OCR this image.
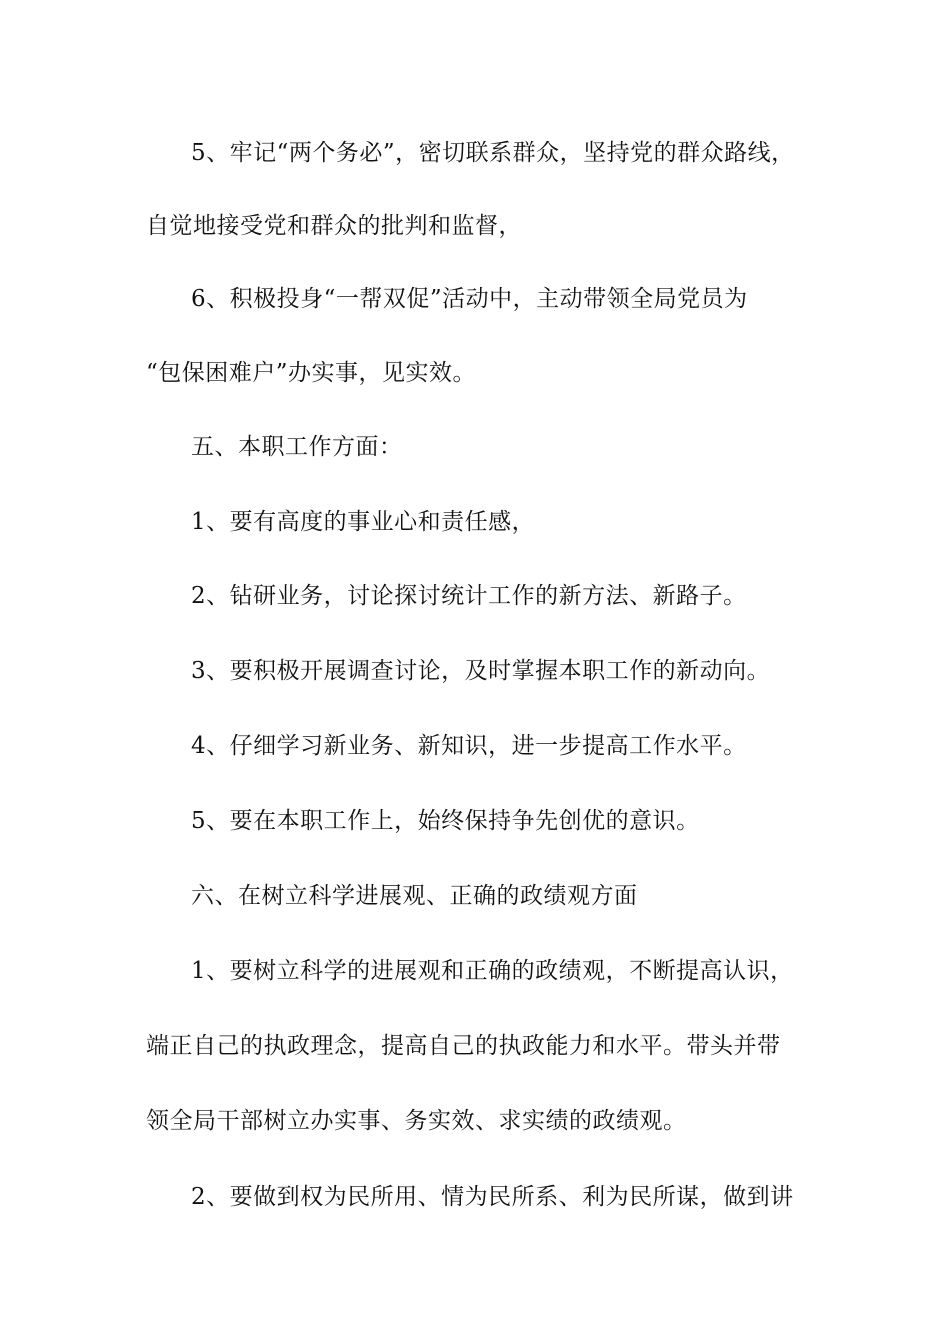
5、牢记“两个务必”，密切联系群众，坚持党的群众路线，
自觉地接受党和群众的批判和监督，
6、积极投身“一帮双促”活动中，主动带领全局党员为
“包保困难户”办实事，见实效。
五、本职工作方面：
1、要有高度的事业心和责任感，
2、钻研业务，讨论探讨统计工作的新方法、新路子。
3、要积极开展调查讨论，及时掌握本职工作的新动向。
4、仔细学习新业务、新知识，进一步提高工作水平。
5、要在本职工作上，始终保持争先创优的意识。
六、在树立科学进展观、正确的政绩观方面
1、要树立科学的进展观和正确的政绩观，不断提高认识，
端正自己的执政理念，提高自己的执政能力和水平。带头并带
领全局干部树立办实事、务实效、求实绩的政绩观。
2、要做到权为民所用、情为民所系、利为民所谋，做到讲
